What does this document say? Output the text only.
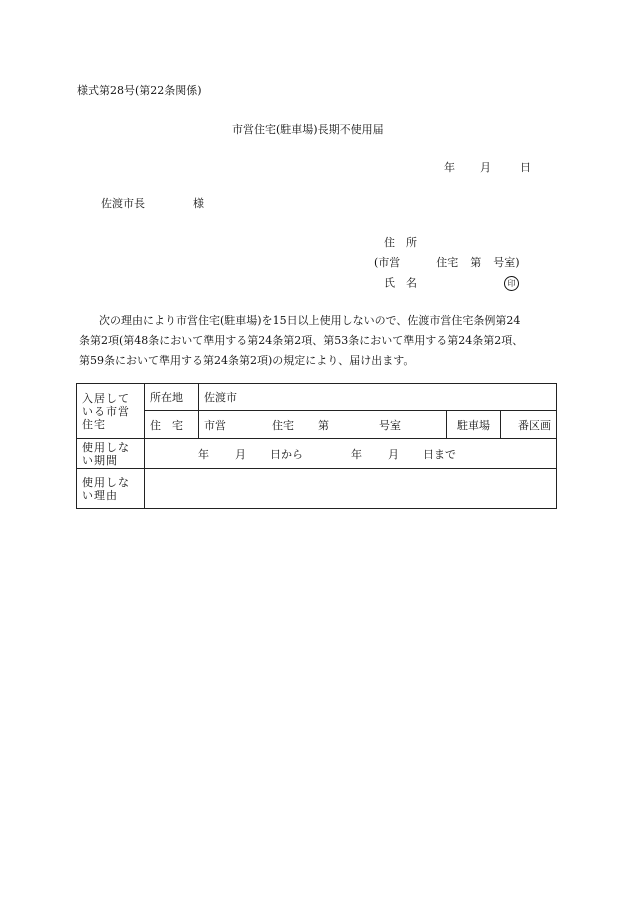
様式第28号(第22条関係)
市営住宅(駐車場)長期不使用届
年 月	日
佐渡市長	様
住　所
(市営	住宅 第 号室)
氏　名	印
次の理由により市営住宅(駐車場)を15日以上使用しないので、佐渡市営住宅条例第24
条第2項(第48条において準用する第24条第2項、第53条において準用する第24条第2項、
第59条において準用する第24条第2項)の規定により、届け出ます。
入居して
いる市営
住宅	所在地	佐渡市		
	住　宅	市営 住宅 第 号室	駐車場	番区画

使用しな
い期間	年 月 日から 年 月 日まで			

使用しな
い理由				
